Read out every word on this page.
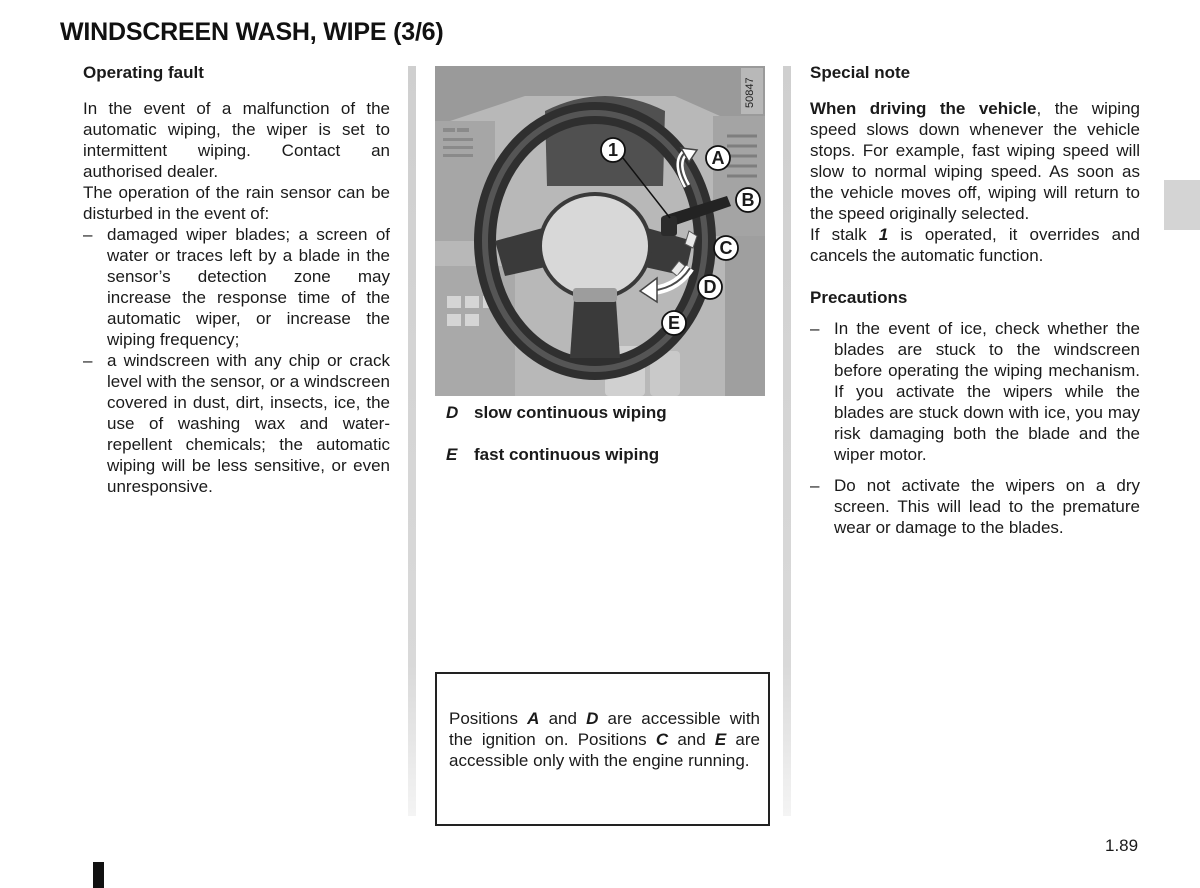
WINDSCREEN WASH, WIPE (3/6)
Operating fault

In the event of a malfunction of the automatic wiping, the wiper is set to intermittent wiping. Contact an authorised dealer.

The operation of the rain sensor can be disturbed in the event of:

– damaged wiper blades; a screen of water or traces left by a blade in the sensor’s detection zone may increase the response time of the automatic wiper, or increase the wiping frequency;
– a windscreen with any chip or crack level with the sensor, or a windscreen covered in dust, dirt, insects, ice, the use of washing wax and water-repellent chemicals; the automatic wiping will be less sensitive, or even unresponsive.
1	A
B
C
D
E
50847
D slow continuous wiping
E fast continuous wiping

Positions A and D are accessible with the ignition on. Positions C and E are accessible only with the engine running.

Special note

When driving the vehicle, the wiping speed slows down whenever the vehicle stops. For example, fast wiping speed will slow to normal wiping speed. As soon as the vehicle moves off, wiping will return to the speed originally selected.

If stalk 1 is operated, it overrides and cancels the automatic function.

Precautions
– In the event of ice, check whether the blades are stuck to the windscreen before operating the wiping mechanism. If you activate the wipers while the blades are stuck down with ice, you may risk damaging both the blade and the wiper motor.
– Do not activate the wipers on a dry screen. This will lead to the premature wear or damage to the blades.
1.89
